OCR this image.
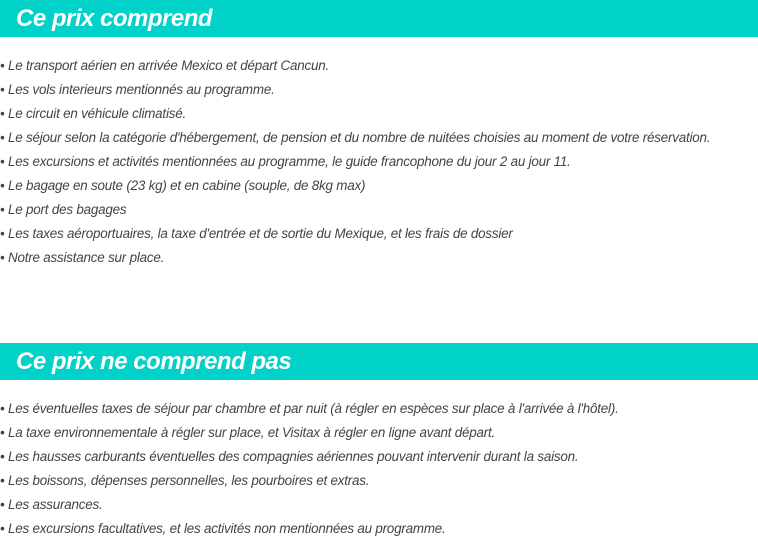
Ce prix comprend
• Le transport aérien en arrivée Mexico et départ Cancun.
• Les vols interieurs mentionnés au programme.
• Le circuit en véhicule climatisé.
• Le séjour selon la catégorie d'hébergement, de pension et du nombre de nuitées choisies au moment de votre réservation.
• Les excursions et activités mentionnées au programme, le guide francophone du jour 2 au jour 11.
• Le bagage en soute (23 kg) et en cabine (souple, de 8kg max)
• Le port des bagages
• Les taxes aéroportuaires, la taxe d'entrée et de sortie du Mexique, et les frais de dossier
• Notre assistance sur place.
Ce prix ne comprend pas
• Les éventuelles taxes de séjour par chambre et par nuit (à régler en espèces sur place à l'arrivée à l'hôtel).
• La taxe environnementale à régler sur place, et Visitax à régler en ligne avant départ.
• Les hausses carburants éventuelles des compagnies aériennes pouvant intervenir durant la saison.
• Les boissons, dépenses personnelles, les pourboires et extras.
• Les assurances.
• Les excursions facultatives, et les activités non mentionnées au programme.
